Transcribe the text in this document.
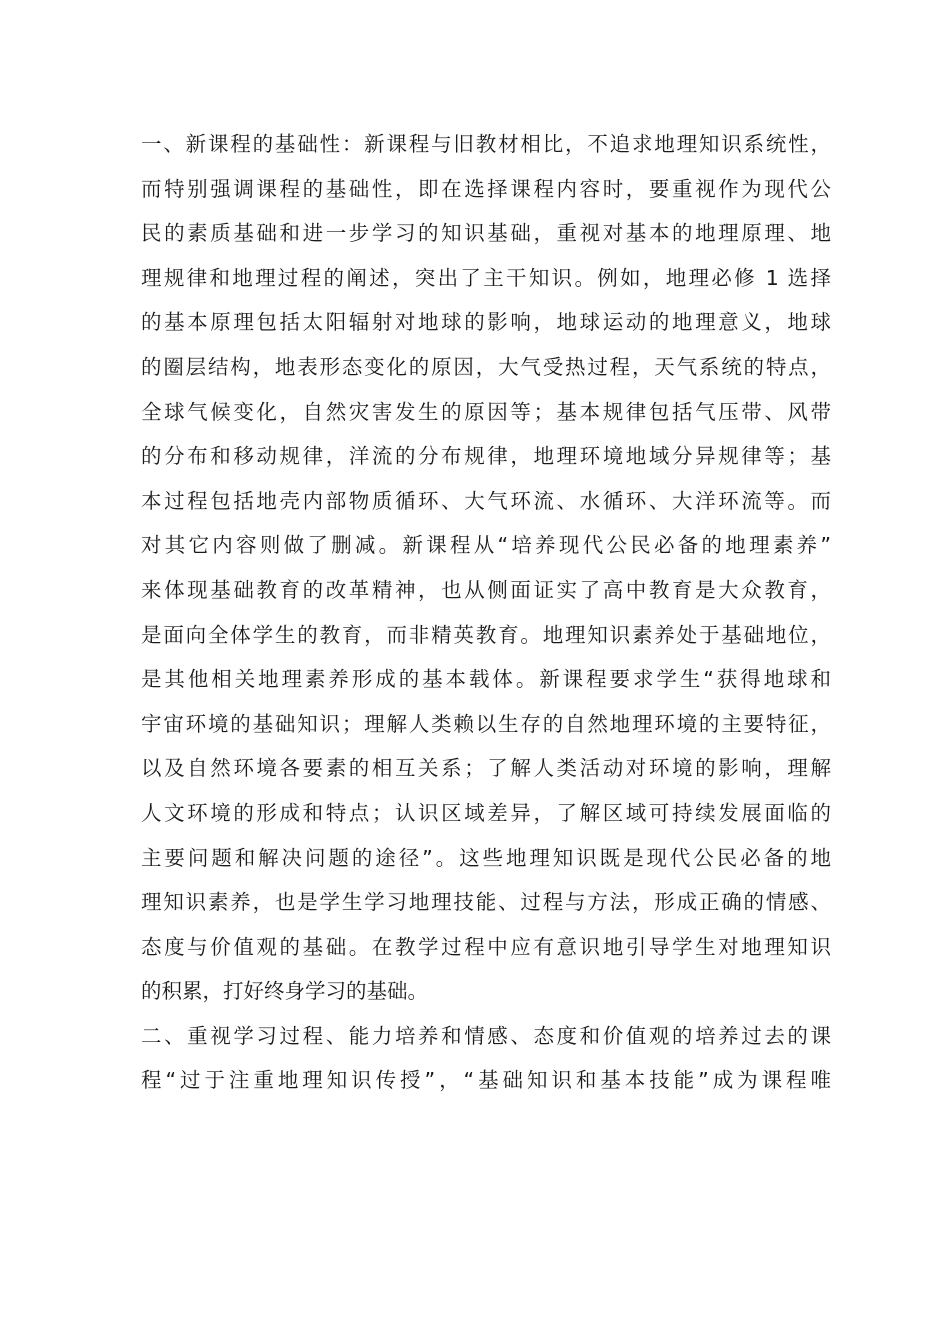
一、新课程的基础性：新课程与旧教材相比，不追求地理知识系统性，
而特别强调课程的基础性，即在选择课程内容时，要重视作为现代公
民的素质基础和进一步学习的知识基础，重视对基本的地理原理、地
理规律和地理过程的阐述，突出了主干知识。例如，地理必修 1 选择
的基本原理包括太阳辐射对地球的影响，地球运动的地理意义，地球
的圈层结构，地表形态变化的原因，大气受热过程，天气系统的特点，
全球气候变化，自然灾害发生的原因等；基本规律包括气压带、风带
的分布和移动规律，洋流的分布规律，地理环境地域分异规律等；基
本过程包括地壳内部物质循环、大气环流、水循环、大洋环流等。而
对其它内容则做了删减。新课程从“培养现代公民必备的地理素养”
来体现基础教育的改革精神，也从侧面证实了高中教育是大众教育，
是面向全体学生的教育，而非精英教育。地理知识素养处于基础地位，
是其他相关地理素养形成的基本载体。新课程要求学生“获得地球和
宇宙环境的基础知识；理解人类赖以生存的自然地理环境的主要特征，
以及自然环境各要素的相互关系；了解人类活动对环境的影响，理解
人文环境的形成和特点；认识区域差异，了解区域可持续发展面临的
主要问题和解决问题的途径”。这些地理知识既是现代公民必备的地
理知识素养，也是学生学习地理技能、过程与方法，形成正确的情感、
态度与价值观的基础。在教学过程中应有意识地引导学生对地理知识
的积累，打好终身学习的基础。
二、重视学习过程、能力培养和情感、态度和价值观的培养过去的课
程“过于注重地理知识传授”，“基础知识和基本技能”成为课程唯
